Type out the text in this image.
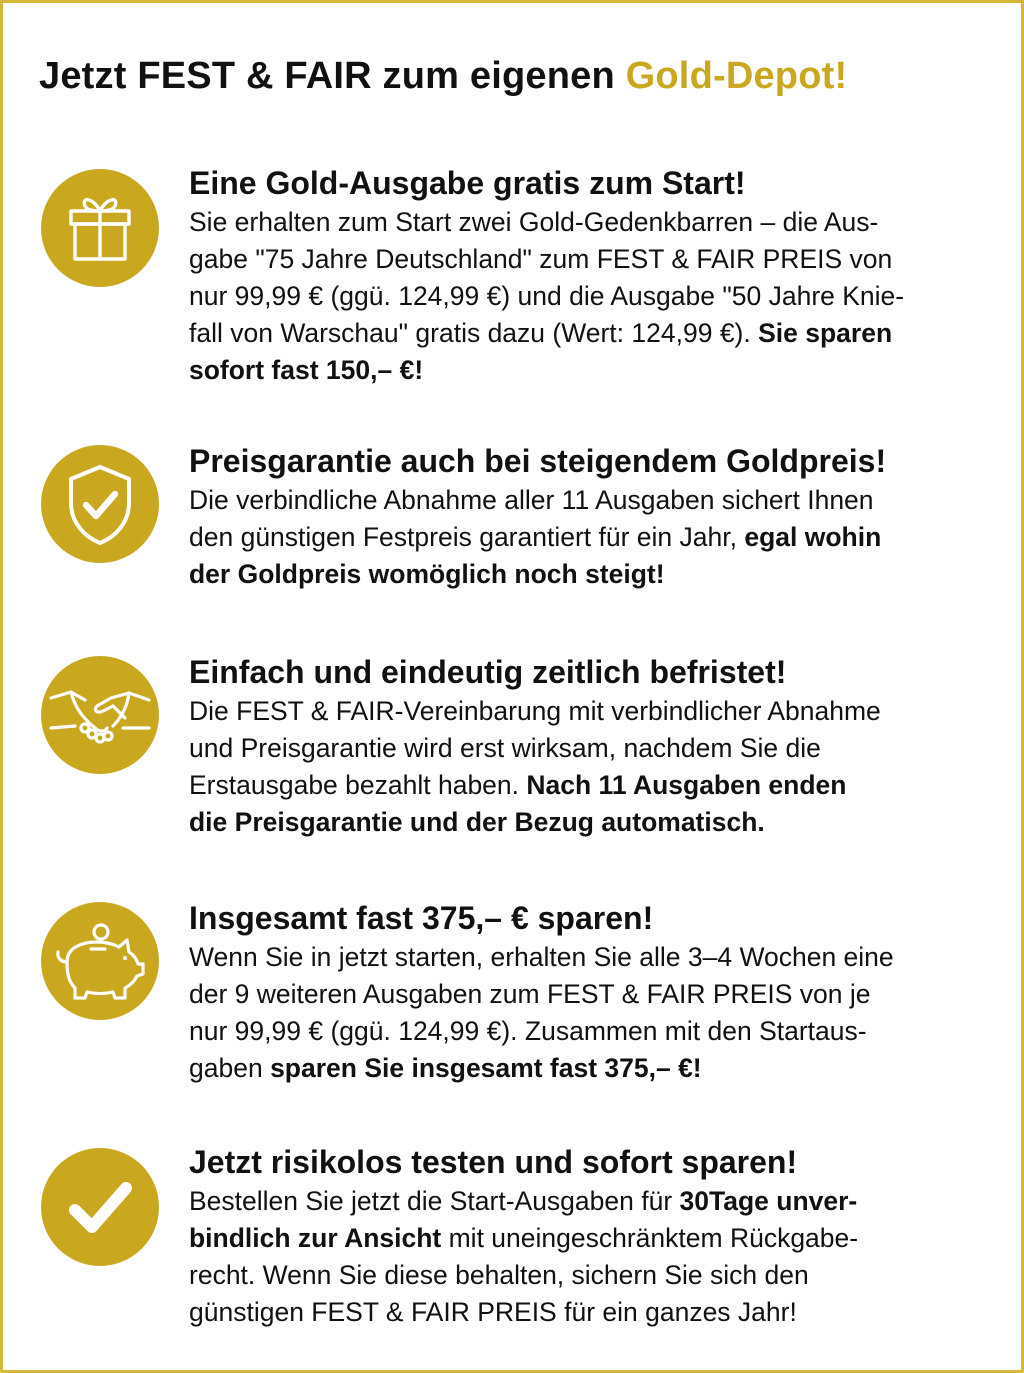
Jetzt FEST & FAIR zum eigenen Gold-Depot!
Eine Gold-Ausgabe gratis zum Start!

Sie erhalten zum Start zwei Gold-Gedenkbarren – die Aus-
gabe "75 Jahre Deutschland" zum FEST & FAIR PREIS von
nur 99,99 € (ggü. 124,99 €) und die Ausgabe "50 Jahre Knie-
fall von Warschau" gratis dazu (Wert: 124,99 €). Sie sparen
sofort fast 150,– €!

Preisgarantie auch bei steigendem Goldpreis!

Die verbindliche Abnahme aller 11 Ausgaben sichert Ihnen
den günstigen Festpreis garantiert für ein Jahr, egal wohin
der Goldpreis womöglich noch steigt!

Einfach und eindeutig zeitlich befristet!

Die FEST & FAIR-Vereinbarung mit verbindlicher Abnahme
und Preisgarantie wird erst wirksam, nachdem Sie die
Erstausgabe bezahlt haben. Nach 11 Ausgaben enden
die Preisgarantie und der Bezug automatisch.

Insgesamt fast 375,– € sparen!

Wenn Sie in jetzt starten, erhalten Sie alle 3–4 Wochen eine
der 9 weiteren Ausgaben zum FEST & FAIR PREIS von je
nur 99,99 € (ggü. 124,99 €). Zusammen mit den Startaus-
gaben sparen Sie insgesamt fast 375,– €!

Jetzt risikolos testen und sofort sparen!

Bestellen Sie jetzt die Start-Ausgaben für 30Tage unver-
bindlich zur Ansicht mit uneingeschränktem Rückgabe-
recht. Wenn Sie diese behalten, sichern Sie sich den
günstigen FEST & FAIR PREIS für ein ganzes Jahr!
